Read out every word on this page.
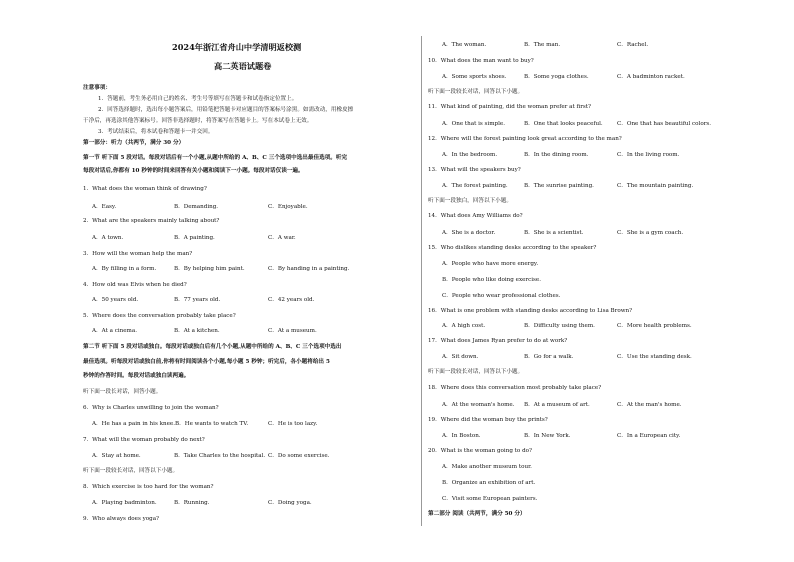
2024年浙江省舟山中学清明返校测
高二英语试题卷
注意事项：
1．答题前，考生务必用自己的姓名、考生号等填写在答题卡和试卷指定位置上。
2．回答选择题时，选出每小题答案后，用铅笔把答题卡对应题目的答案标号涂黑。如需改动，用橡皮擦
干净后，再选涂其他答案标号。回答非选择题时，将答案写在答题卡上。写在本试卷上无效。
3．考试结束后，将本试卷和答题卡一并交回。
第一部分：听力（共两节，满分 30 分）
第一节 听下面 5 段对话。每段对话后有一个小题,从题中所给的 A、B、C 三个选项中选出最佳选项。听完
每段对话后,你都有 10 秒钟的时间来回答有关小题和阅读下一小题。每段对话仅读一遍。
1．What does the woman think of drawing?
A．Easy.	B．Demanding.	C．Enjoyable.
2．What are the speakers mainly talking about?
A．A town.	B．A painting.	C．A war.
3．How will the woman help the man?
A．By filling in a form.	B．By helping him paint.	C．By handing in a painting.
4．How old was Elvis when he died?
A．50 years old.	B．77 years old.	C．42 years old.
5．Where does the conversation probably take place?
A．At a cinema.	B．At a kitchen.	C．At a museum.
第二节 听下面 5 段对话或独白。每段对话或独白后有几个小题,从题中所给的 A、B、C 三个选项中选出
最佳选项。听每段对话或独白前,你将有时间阅读各个小题,每小题 5 秒钟；听完后，各小题将给出 5
秒钟的作答时间。每段对话或独白读两遍。
听下面一段长对话，回答小题。
6．Why is Charles unwilling to join the woman?
A．He has a pain in his knee.B．He wants to watch TV.	C．He is too lazy.
7．What will the woman probably do next?
A．Stay at home.	B．Take Charles to the hospital. C．Do some exercise.
听下面一段较长对话，回答以下小题。
8．Which exercise is too hard for the woman?
A．Playing badminton.	B．Running.	C．Doing yoga.
9．Who always does yoga?
A．The woman.	B．The man.	C．Rachel.
10．What does the man want to buy?
A．Some sports shoes.	B．Some yoga clothes.	C．A badminton racket.
听下面一段较长对话，回答以下小题。
11．What kind of painting, did the woman prefer at first?
A．One that is simple.	B．One that looks peaceful.	C．One that has beautiful colors.
12．Where will the forest painting look great according to the man?
A．In the bedroom.	B．In the dining room.	C．In the living room.
13．What will the speakers buy?
A．The forest painting.	B．The sunrise painting.	C．The mountain painting.
听下面一段独白，回答以下小题。
14．What does Amy Williams do?
A．She is a doctor.	B．She is a scientist.	C．She is a gym coach.
15．Who dislikes standing desks according to the speaker?
A．People who have more energy.
B．People who like doing exercise.
C．People who wear professional clothes.
16．What is one problem with standing desks according to Lisa Brown?
A．A high cost.	B．Difficulty using them.	C．More health problems.
17．What does James Ryan prefer to do at work?
A．Sit down.	B．Go for a walk.	C．Use the standing desk.
听下面一段较长对话，回答以下小题。
18．Where does this conversation most probably take place?
A．At the woman's home. B．At a museum of art.	C．At the man's home.
19．Where did the woman buy the prints?
A．In Boston.	B．In New York.	C．In a European city.
20．What is the woman going to do?
A．Make another museum tour.
B．Organize an exhibition of art.
C．Visit some European painters.
第二部分 阅读（共两节，满分 50 分）
